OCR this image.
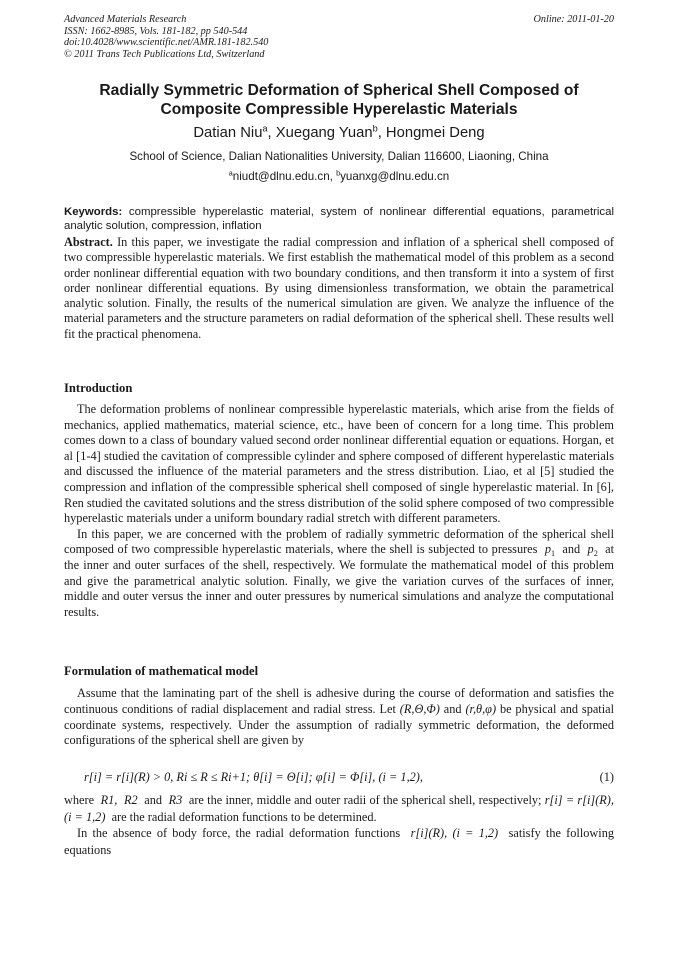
Advanced Materials Research
ISSN: 1662-8985, Vols. 181-182, pp 540-544
doi:10.4028/www.scientific.net/AMR.181-182.540
© 2011 Trans Tech Publications Ltd, Switzerland
Online: 2011-01-20
Radially Symmetric Deformation of Spherical Shell Composed of
Composite Compressible Hyperelastic Materials
Datian Niu$^a$, Xuegang Yuan$^b$, Hongmei Deng
School of Science, Dalian Nationalities University, Dalian 116600, Liaoning, China
$^a$niudt@dlnu.edu.cn, $^b$yuanxg@dlnu.edu.cn
Keywords: compressible hyperelastic material, system of nonlinear differential equations, parametrical analytic solution, compression, inflation
Abstract. In this paper, we investigate the radial compression and inflation of a spherical shell composed of two compressible hyperelastic materials. We first establish the mathematical model of this problem as a second order nonlinear differential equation with two boundary conditions, and then transform it into a system of first order nonlinear differential equations. By using dimensionless transformation, we obtain the parametrical analytic solution. Finally, the results of the numerical simulation are given. We analyze the influence of the material parameters and the structure parameters on radial deformation of the spherical shell. These results well fit the practical phenomena.
Introduction

The deformation problems of nonlinear compressible hyperelastic materials, which arise from the fields of mechanics, applied mathematics, material science, etc., have been of concern for a long time. This problem comes down to a class of boundary valued second order nonlinear differential equation or equations. Horgan, et al [1-4] studied the cavitation of compressible cylinder and sphere composed of different hyperelastic materials and discussed the influence of the material parameters and the stress distribution. Liao, et al [5] studied the compression and inflation of the compressible spherical shell composed of single hyperelastic material. In [6], Ren studied the cavitated solutions and the stress distribution of the solid sphere composed of two compressible hyperelastic materials under a uniform boundary radial stretch with different parameters.

In this paper, we are concerned with the problem of radially symmetric deformation of the spherical shell composed of two compressible hyperelastic materials, where the shell is subjected to pressures $p_1$ and $p_2$ at the inner and outer surfaces of the shell, respectively. We formulate the mathematical model of this problem and give the parametrical analytic solution. Finally, we give the variation curves of the surfaces of inner, middle and outer versus the inner and outer pressures by numerical simulations and analyze the computational results.

Formulation of mathematical model

Assume that the laminating part of the shell is adhesive during the course of deformation and satisfies the continuous conditions of radial displacement and radial stress. Let (R,Θ,Φ) and (r,θ,φ) be physical and spatial coordinate systems, respectively. Under the assumption of radially symmetric deformation, the deformed configurations of the spherical shell are given by

r[i] = r[i](R) > 0, Ri ≤ R ≤ Ri+1; θ[i] = Θ[i]; φ[i] = Φ[i], (i = 1,2),	(1)

where R1, R2 and R3 are the inner, middle and outer radii of the spherical shell, respectively; r[i] = r[i](R), (i = 1,2) are the radial deformation functions to be determined.

In the absence of body force, the radial deformation functions r[i](R), (i = 1,2) satisfy the following equations
